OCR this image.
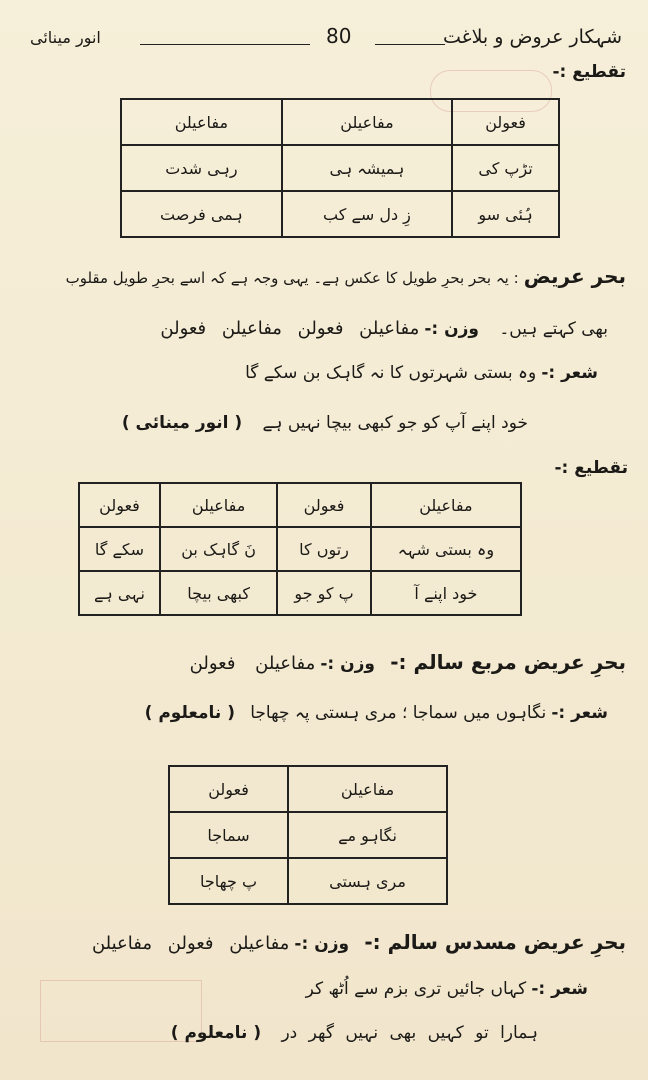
شہکار عروض و بلاغت
80
انور مینائی
تقطیع :-
فعولن	مفاعیلن	مفاعیلن
تڑپ کی	ہمیشہ ہی	رہی شدت
ہُئی سو	زِ دل سے کب	ہمی فرصت
بحرِ عریض : یہ بحر بحرِ طویل کا عکس ہے۔ یہی وجہ ہے کہ اسے بحرِ طویل مقلوب
بھی کہتے ہیں۔    وزن :- مفاعیلن فعولن مفاعیلن فعولن
شعر :- وہ بستی شہرتوں کا نہ گاہک بن سکے گا
خود اپنے آپ کو جو کبھی بیچا نہیں ہے    ( انور مینائی )
تقطیع :-
مفاعیلن	فعولن	مفاعیلن	فعولن
وہ بستی شہہ	رتوں کا	نَ گاہک بن	سکے گا
خود اپنے آ	پ کو جو	کبھی بیچا	نہی ہے
بحرِ عریض مربع سالم :-   وزن :- مفاعیلن فعولن
شعر :- نگاہوں میں سماجا ؛ مری ہستی پہ چھاجا   ( نامعلوم )
مفاعیلن	فعولن
نگاہو مے	سماجا
مری ہستی	پ چھاجا
بحرِ عریض مسدس سالم :-   وزن :- مفاعیلن فعولن مفاعیلن
شعر :- کہاں جائیں تری بزم سے اُٹھ کر
ہمارا تو کہیں بھی نہیں گھر در    ( نامعلوم )
